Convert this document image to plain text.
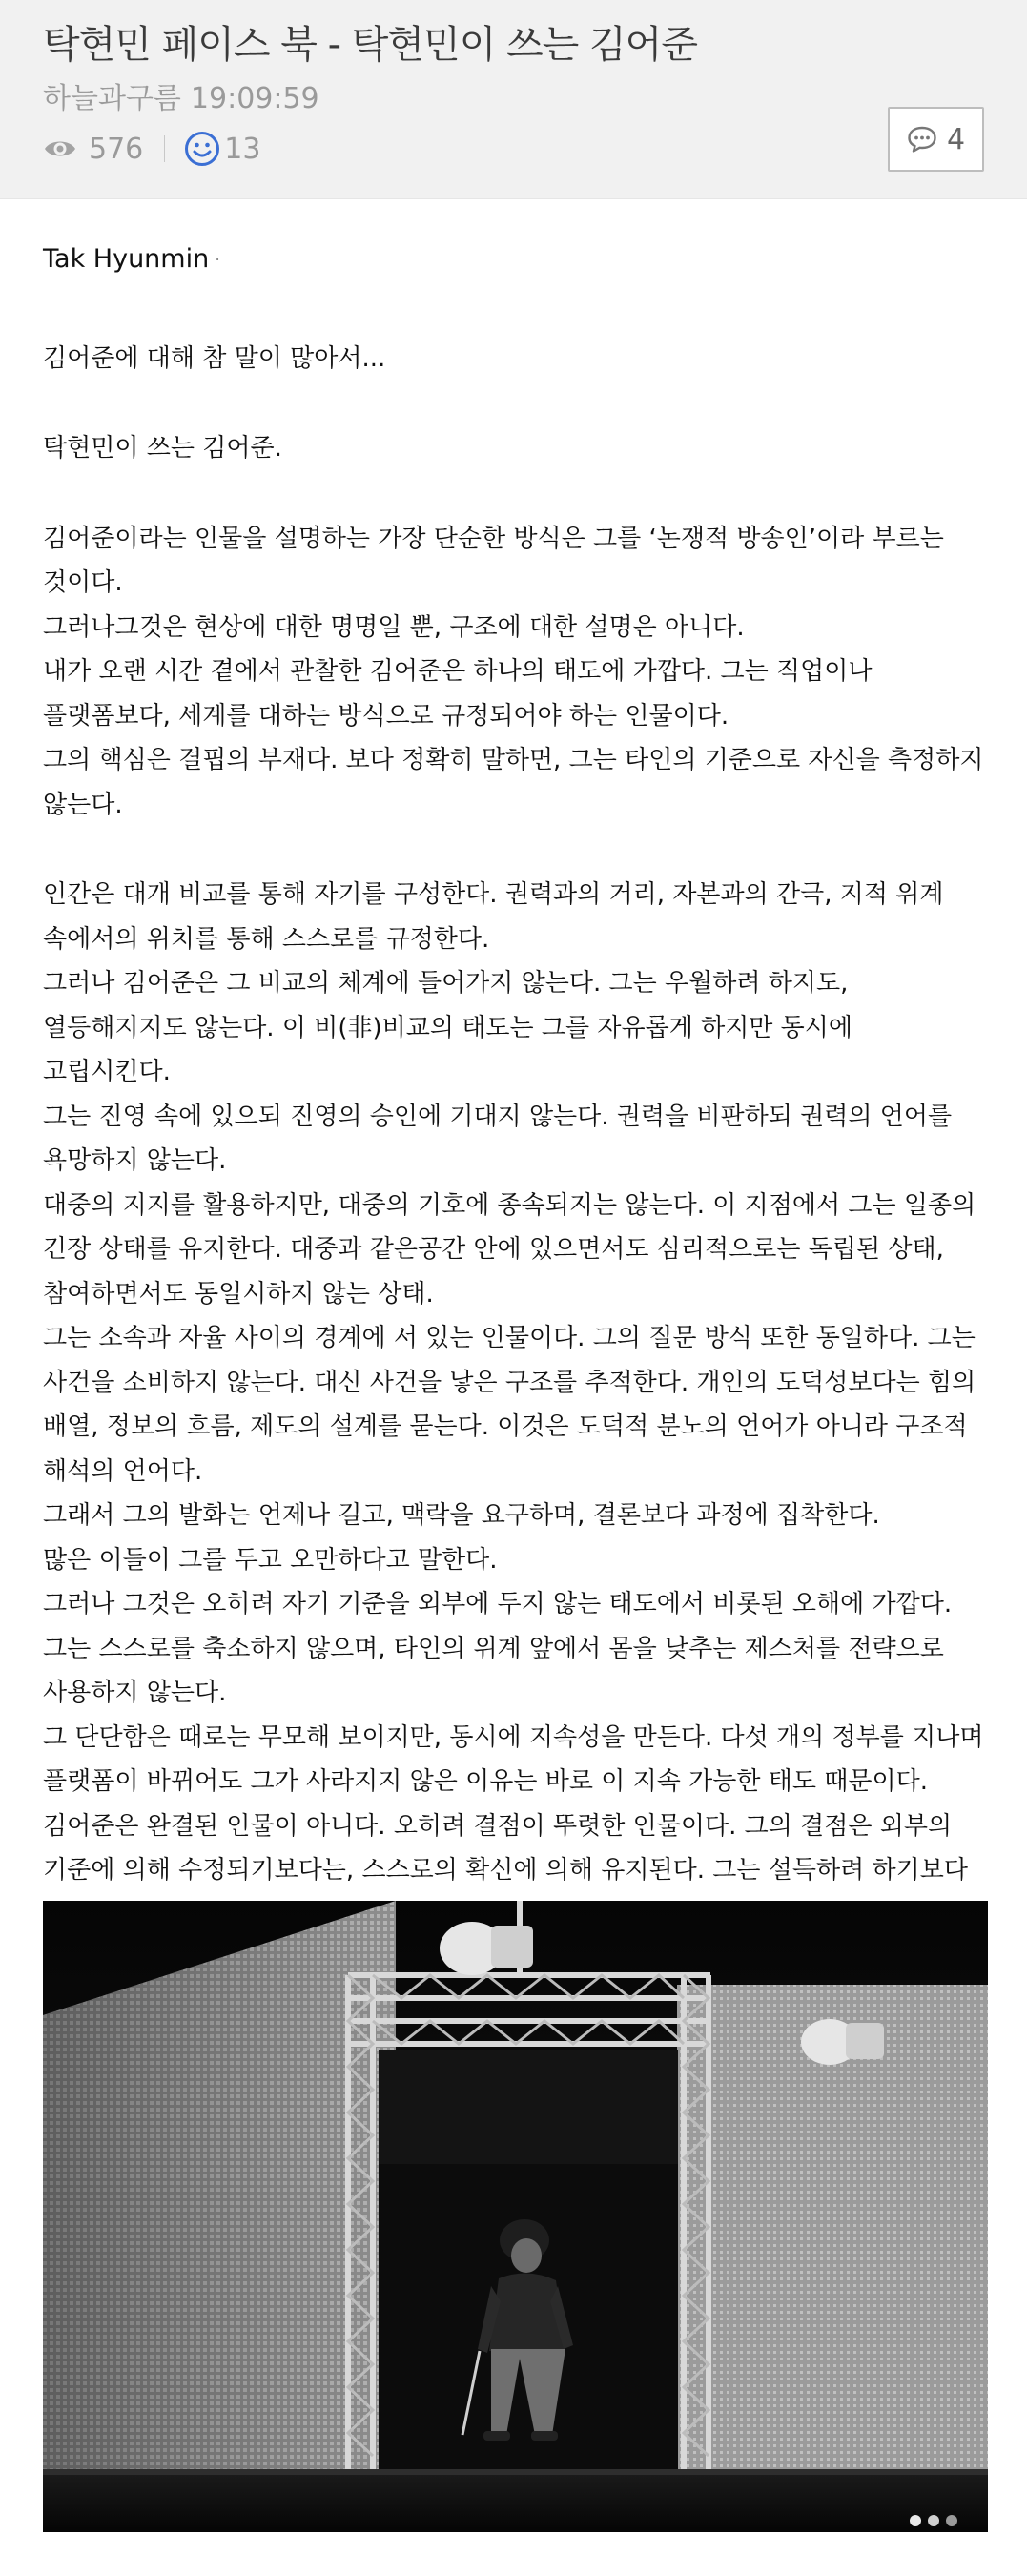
탁현민 페이스 북 - 탁현민이 쓰는 김어준
하늘과구름 19:09:59
576	13	4
Tak Hyunmin ·

김어준에 대해 참 말이 많아서...

탁현민이 쓰는 김어준.

김어준이라는 인물을 설명하는 가장 단순한 방식은 그를 ‘논쟁적 방송인’이라 부르는 것이다.
그러나그것은 현상에 대한 명명일 뿐, 구조에 대한 설명은 아니다.
내가 오랜 시간 곁에서 관찰한 김어준은 하나의 태도에 가깝다. 그는 직업이나 플랫폼보다, 세계를 대하는 방식으로 규정되어야 하는 인물이다.
그의 핵심은 결핍의 부재다. 보다 정확히 말하면, 그는 타인의 기준으로 자신을 측정하지 않는다.

인간은 대개 비교를 통해 자기를 구성한다. 권력과의 거리, 자본과의 간극, 지적 위계 속에서의 위치를 통해 스스로를 규정한다.
그러나 김어준은 그 비교의 체계에 들어가지 않는다. 그는 우월하려 하지도, 열등해지지도 않는다. 이 비(非)비교의 태도는 그를 자유롭게 하지만 동시에 고립시킨다.
그는 진영 속에 있으되 진영의 승인에 기대지 않는다. 권력을 비판하되 권력의 언어를 욕망하지 않는다.
대중의 지지를 활용하지만, 대중의 기호에 종속되지는 않는다. 이 지점에서 그는 일종의 긴장 상태를 유지한다. 대중과 같은공간 안에 있으면서도 심리적으로는 독립된 상태, 참여하면서도 동일시하지 않는 상태.
그는 소속과 자율 사이의 경계에 서 있는 인물이다. 그의 질문 방식 또한 동일하다. 그는 사건을 소비하지 않는다. 대신 사건을 낳은 구조를 추적한다. 개인의 도덕성보다는 힘의 배열, 정보의 흐름, 제도의 설계를 묻는다. 이것은 도덕적 분노의 언어가 아니라 구조적 해석의 언어다.
그래서 그의 발화는 언제나 길고, 맥락을 요구하며, 결론보다 과정에 집착한다.
많은 이들이 그를 두고 오만하다고 말한다.
그러나 그것은 오히려 자기 기준을 외부에 두지 않는 태도에서 비롯된 오해에 가깝다. 그는 스스로를 축소하지 않으며, 타인의 위계 앞에서 몸을 낮추는 제스처를 전략으로 사용하지 않는다.
그 단단함은 때로는 무모해 보이지만, 동시에 지속성을 만든다. 다섯 개의 정부를 지나며 플랫폼이 바뀌어도 그가 사라지지 않은 이유는 바로 이 지속 가능한 태도 때문이다.
김어준은 완결된 인물이 아니다. 오히려 결점이 뚜렷한 인물이다. 그의 결점은 외부의 기준에 의해 수정되기보다는, 스스로의 확신에 의해 유지된다. 그는 설득하려 하기보다
